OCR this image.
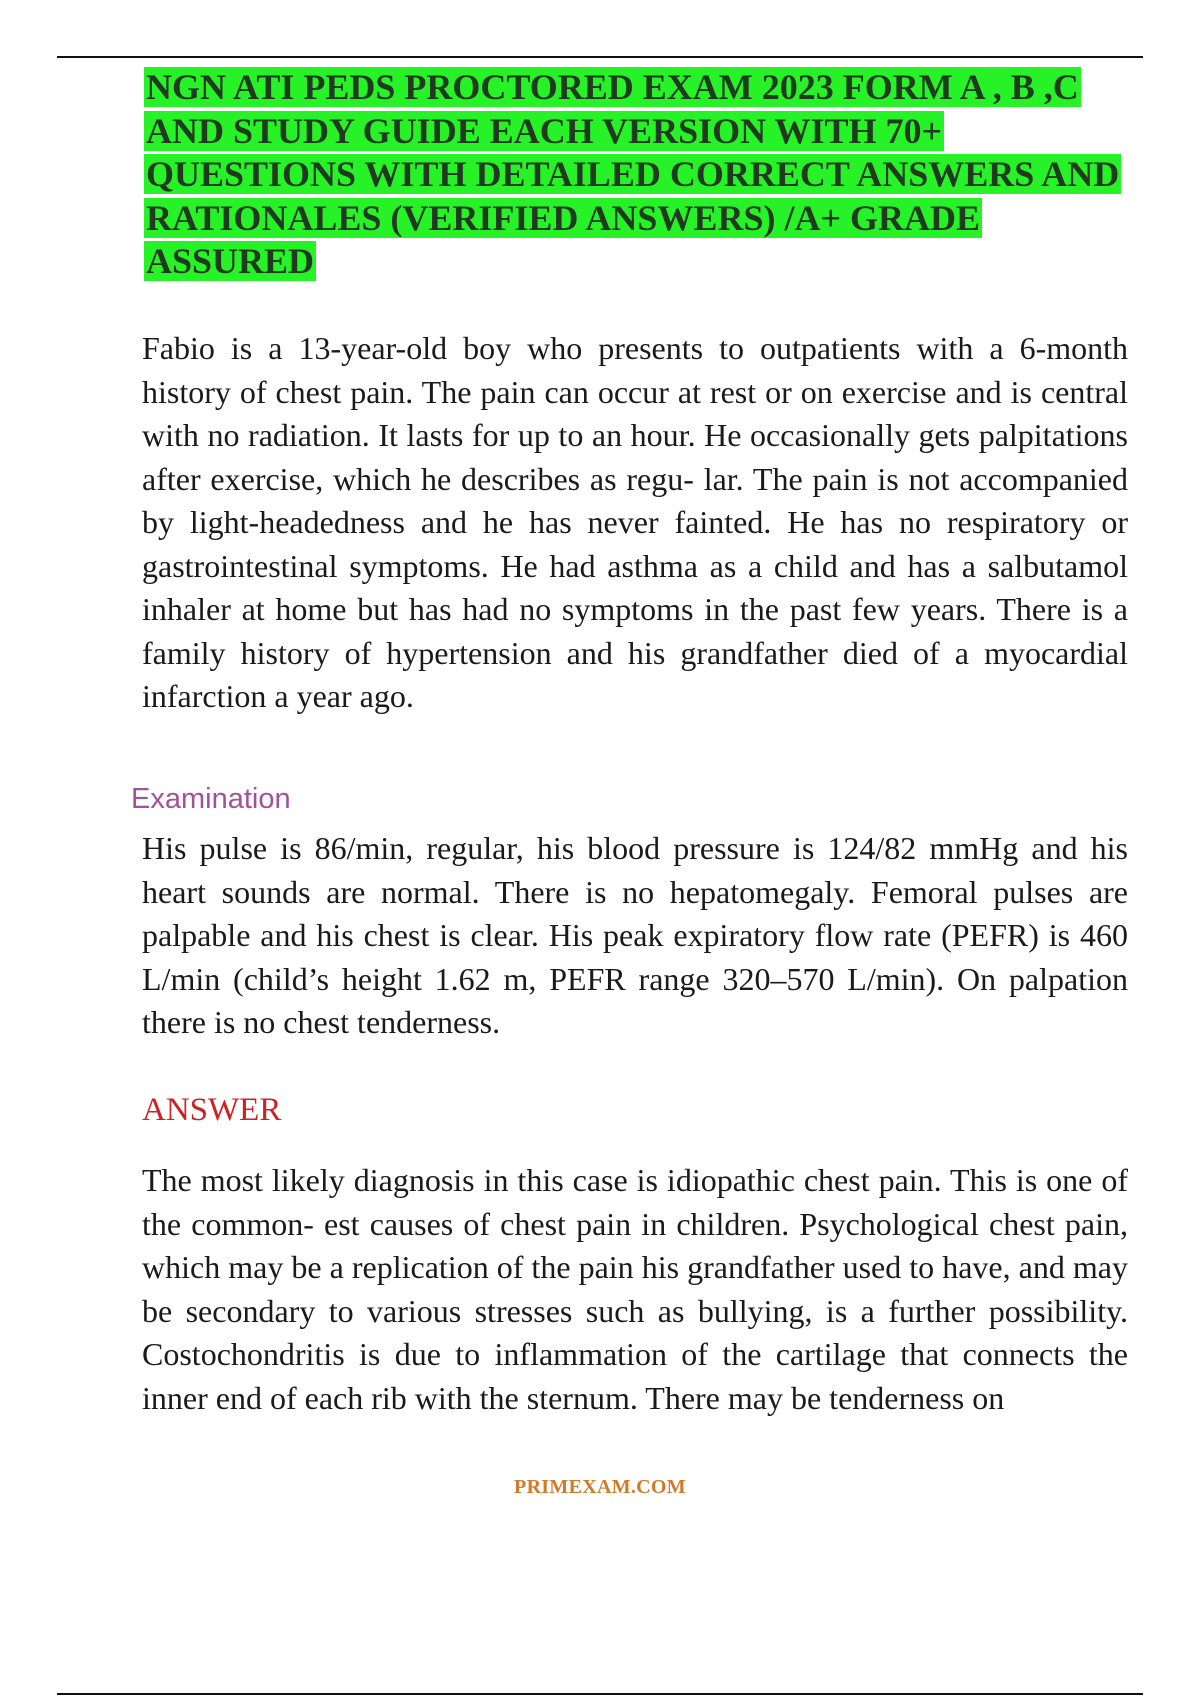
NGN ATI PEDS PROCTORED EXAM 2023 FORM A , B ,C AND STUDY GUIDE EACH VERSION WITH 70+ QUESTIONS WITH DETAILED CORRECT ANSWERS AND RATIONALES (VERIFIED ANSWERS) /A+ GRADE ASSURED

Fabio is a 13-year-old boy who presents to outpatients with a 6-month history of chest pain. The pain can occur at rest or on exercise and is central with no radiation. It lasts for up to an hour. He occasionally gets palpitations after exercise, which he describes as regu- lar. The pain is not accompanied by light-headedness and he has never fainted. He has no respiratory or gastrointestinal symptoms. He had asthma as a child and has a salbutamol inhaler at home but has had no symptoms in the past few years. There is a family history of hypertension and his grandfather died of a myocardial infarction a year ago.

Examination

His pulse is 86/min, regular, his blood pressure is 124/82 mmHg and his heart sounds are normal. There is no hepatomegaly. Femoral pulses are palpable and his chest is clear. His peak expiratory flow rate (PEFR) is 460 L/min (child’s height 1.62 m, PEFR range 320–570 L/min). On palpation there is no chest tenderness.

ANSWER

The most likely diagnosis in this case is idiopathic chest pain. This is one of the common- est causes of chest pain in children. Psychological chest pain, which may be a replication of the pain his grandfather used to have, and may be secondary to various stresses such as bullying, is a further possibility. Costochondritis is due to inflammation of the cartilage that connects the inner end of each rib with the sternum. There may be tenderness on

PRIMEXAM.COM
